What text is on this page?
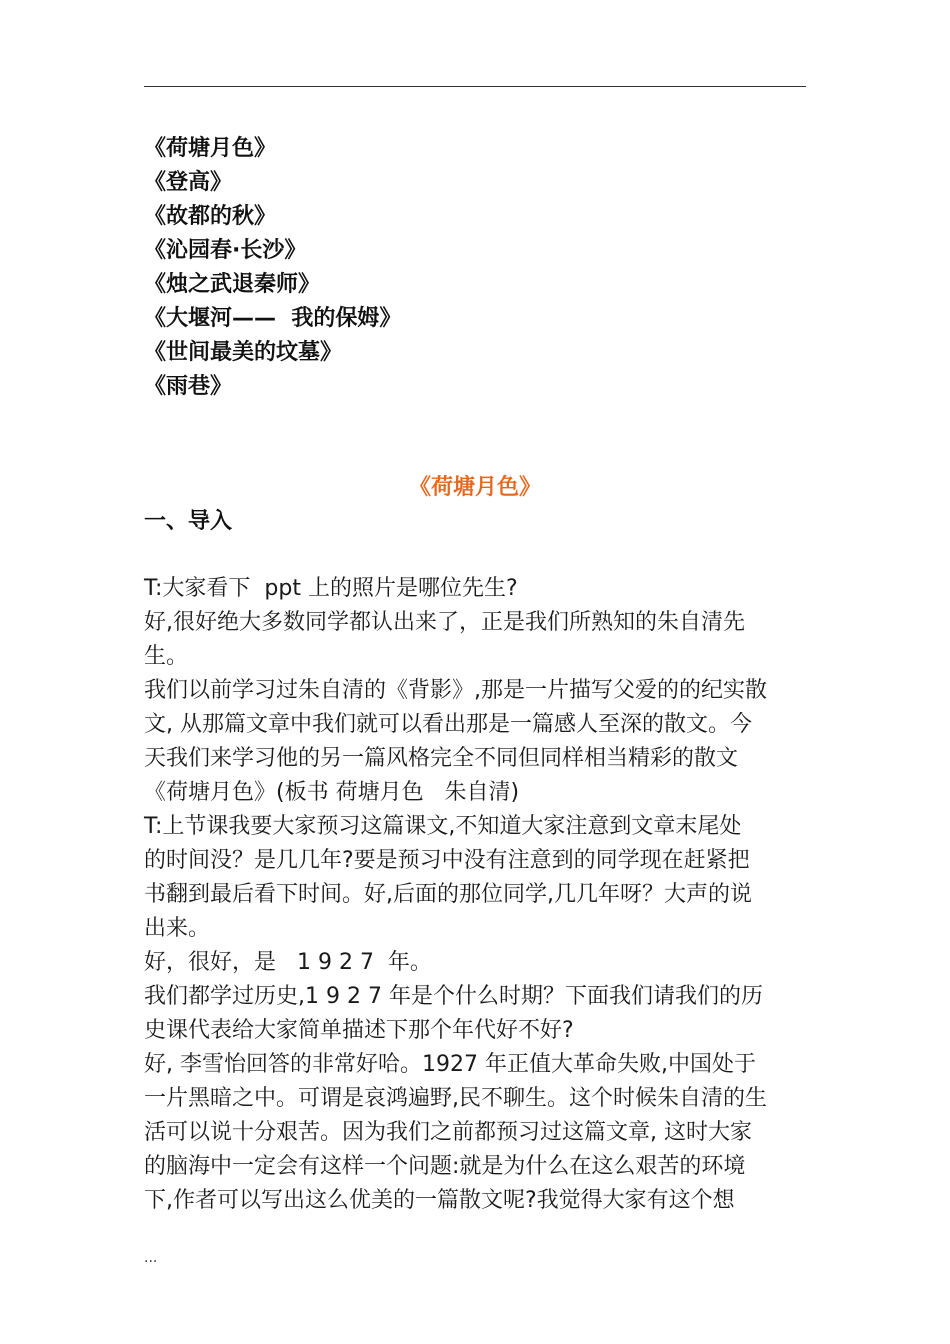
《荷塘月色》
《登高》
《故都的秋》
《沁园春·长沙》
《烛之武退秦师》
《大堰河——  我的保姆》
《世间最美的坟墓》
《雨巷》
《荷塘月色》
一、导入
T:大家看下  ppt 上的照片是哪位先生?
好,很好绝大多数同学都认出来了，正是我们所熟知的朱自清先
生。
我们以前学习过朱自清的《背影》,那是一片描写父爱的的纪实散
文, 从那篇文章中我们就可以看出那是一篇感人至深的散文。今
天我们来学习他的另一篇风格完全不同但同样相当精彩的散文
《荷塘月色》(板书 荷塘月色   朱自清)
T:上节课我要大家预习这篇课文,不知道大家注意到文章末尾处
的时间没？是几几年?要是预习中没有注意到的同学现在赶紧把
书翻到最后看下时间。好,后面的那位同学,几几年呀？大声的说
出来。
好，很好，是   1 9 2 7  年。
我们都学过历史,1 9 2 7 年是个什么时期？下面我们请我们的历
史课代表给大家简单描述下那个年代好不好?
好, 李雪怡回答的非常好哈。1927 年正值大革命失败,中国处于
一片黑暗之中。可谓是哀鸿遍野,民不聊生。这个时候朱自清的生
活可以说十分艰苦。因为我们之前都预习过这篇文章, 这时大家
的脑海中一定会有这样一个问题:就是为什么在这么艰苦的环境
下,作者可以写出这么优美的一篇散文呢?我觉得大家有这个想
...
